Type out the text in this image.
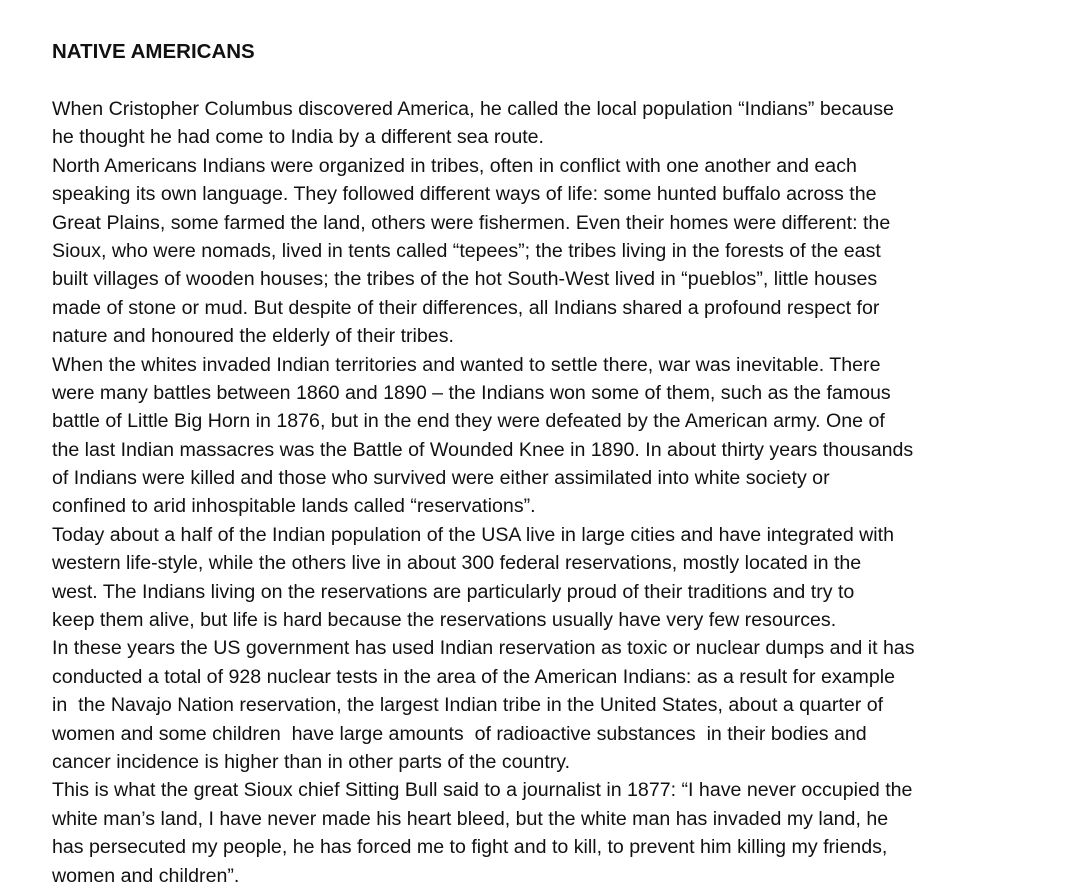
NATIVE AMERICANS
When Cristopher Columbus discovered America, he called the local population “Indians” because
he thought he had come to India by a different sea route.
North Americans Indians were organized in tribes, often in conflict with one another and each
speaking its own language. They followed different ways of life: some hunted buffalo across the
Great Plains, some farmed the land, others were fishermen. Even their homes were different: the
Sioux, who were nomads, lived in tents called “tepees”; the tribes living in the forests of the east
built villages of wooden houses; the tribes of the hot South-West lived in “pueblos”, little houses
made of stone or mud. But despite of their differences, all Indians shared a profound respect for
nature and honoured the elderly of their tribes.
When the whites invaded Indian territories and wanted to settle there, war was inevitable. There
were many battles between 1860 and 1890 – the Indians won some of them, such as the famous
battle of Little Big Horn in 1876, but in the end they were defeated by the American army. One of
the last Indian massacres was the Battle of Wounded Knee in 1890. In about thirty years thousands
of Indians were killed and those who survived were either assimilated into white society or
confined to arid inhospitable lands called “reservations”.
Today about a half of the Indian population of the USA live in large cities and have integrated with
western life-style, while the others live in about 300 federal reservations, mostly located in the
west. The Indians living on the reservations are particularly proud of their traditions and try to
keep them alive, but life is hard because the reservations usually have very few resources.
In these years the US government has used Indian reservation as toxic or nuclear dumps and it has
conducted a total of 928 nuclear tests in the area of the American Indians: as a result for example
in  the Navajo Nation reservation, the largest Indian tribe in the United States, about a quarter of
women and some children  have large amounts  of radioactive substances  in their bodies and
cancer incidence is higher than in other parts of the country.
This is what the great Sioux chief Sitting Bull said to a journalist in 1877: “I have never occupied the
white man’s land, I have never made his heart bleed, but the white man has invaded my land, he
has persecuted my people, he has forced me to fight and to kill, to prevent him killing my friends,
women and children”.
